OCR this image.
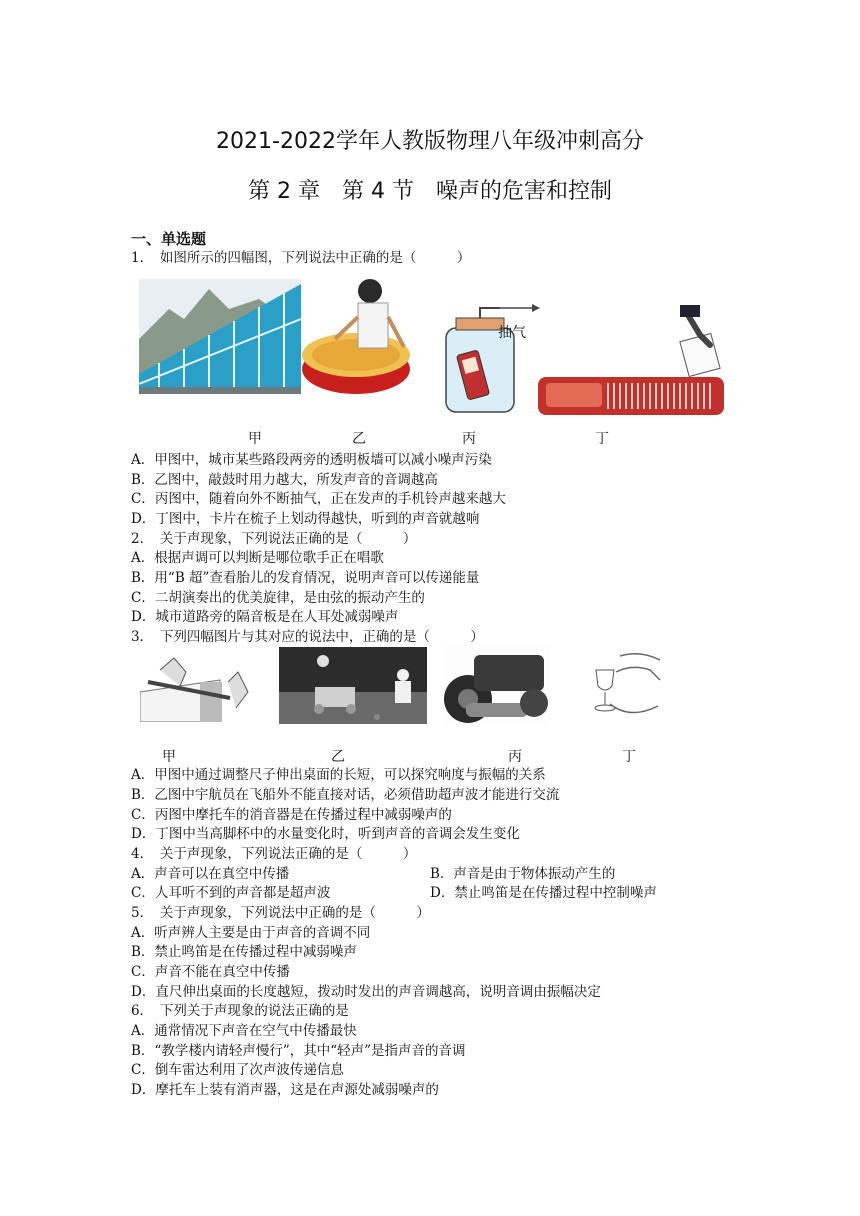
2021-2022学年人教版物理八年级冲刺高分
第 2 章　第 4 节　噪声的危害和控制
一、单选题
1．　如图所示的四幅图，下列说法中正确的是（　　　）
抽气
甲	乙	丙	丁
A．甲图中，城市某些路段两旁的透明板墙可以减小噪声污染
B．乙图中，敲鼓时用力越大，所发声音的音调越高
C．丙图中，随着向外不断抽气，正在发声的手机铃声越来越大
D．丁图中，卡片在梳子上划动得越快，听到的声音就越响
2．　关于声现象，下列说法正确的是（　　　）
A．根据声调可以判断是哪位歌手正在唱歌
B．用“B 超”查看胎儿的发育情况，说明声音可以传递能量
C．二胡演奏出的优美旋律，是由弦的振动产生的
D．城市道路旁的隔音板是在人耳处减弱噪声
3．　下列四幅图片与其对应的说法中，正确的是（　　　）
甲	乙	丙	丁
A．甲图中通过调整尺子伸出桌面的长短，可以探究响度与振幅的关系
B．乙图中宇航员在飞船外不能直接对话，必须借助超声波才能进行交流
C．丙图中摩托车的消音器是在传播过程中减弱噪声的
D．丁图中当高脚杯中的水量变化时，听到声音的音调会发生变化
4．　关于声现象，下列说法正确的是（　　　）
A．声音可以在真空中传播	B．声音是由于物体振动产生的
C．人耳听不到的声音都是超声波	D．禁止鸣笛是在传播过程中控制噪声
5．　关于声现象，下列说法中正确的是（　　　）
A．听声辨人主要是由于声音的音调不同
B．禁止鸣笛是在传播过程中减弱噪声
C．声音不能在真空中传播
D．直尺伸出桌面的长度越短，拨动时发出的声音调越高，说明音调由振幅决定
6．　下列关于声现象的说法正确的是
A．通常情况下声音在空气中传播最快
B．“教学楼内请轻声慢行”，其中“轻声”是指声音的音调
C．倒车雷达利用了次声波传递信息
D．摩托车上装有消声器，这是在声源处减弱噪声的
